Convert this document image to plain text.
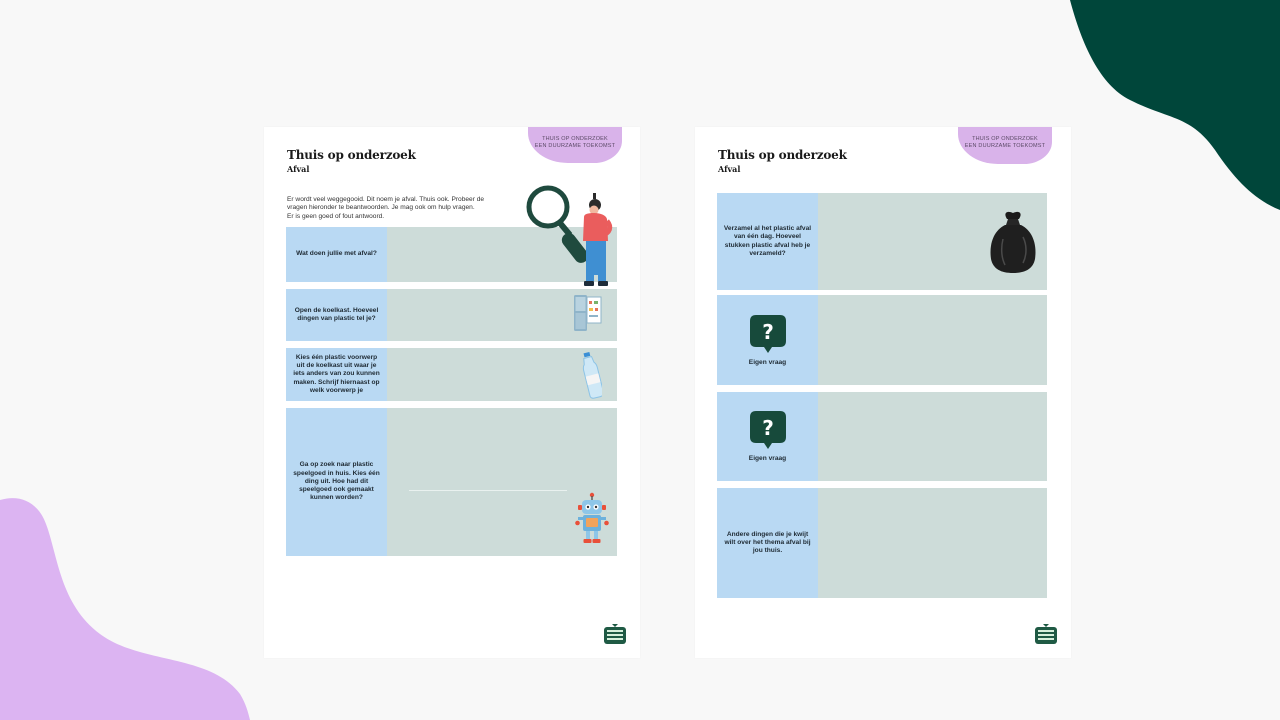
THUIS OP ONDERZOEK
EEN DUURZAME TOEKOMST
Thuis op onderzoek
Afval
Er wordt veel weggegooid. Dit noem je afval. Thuis ook. Probeer de
vragen hieronder te beantwoorden. Je mag ook om hulp vragen.
Er is geen goed of fout antwoord.
Wat doen jullie met afval?
Open de koelkast. Hoeveel dingen van plastic tel je?
Kies één plastic voorwerp uit de koelkast uit waar je iets anders van zou kunnen maken. Schrijf hiernaast op welk voorwerp je
Ga op zoek naar plastic speelgoed in huis. Kies één ding uit. Hoe had dit speelgoed ook gemaakt kunnen worden?
THUIS OP ONDERZOEK
EEN DUURZAME TOEKOMST
Thuis op onderzoek
Afval
Verzamel al het plastic afval van één dag. Hoeveel stukken plastic afval heb je verzameld?
?
Eigen vraag
?
Eigen vraag
Andere dingen die je kwijt wilt over het thema afval bij jou thuis.
